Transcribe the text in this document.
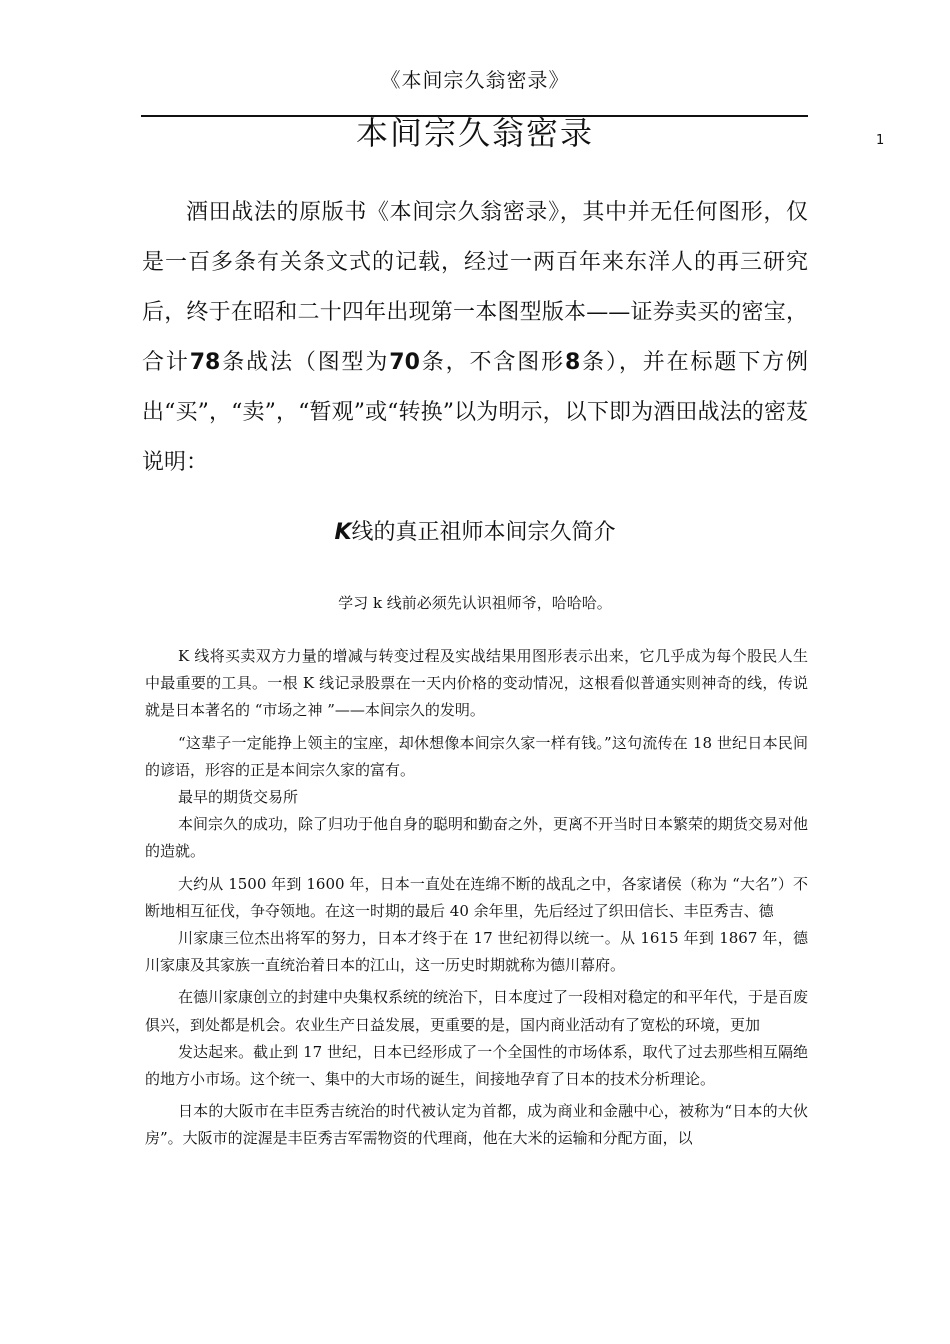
《本间宗久翁密录》
本间宗久翁密录	1

酒田战法的原版书《本间宗久翁密录》，其中并无任何图形，仅是一百多条有关条文式的记载，经过一两百年来东洋人的再三研究后，终于在昭和二十四年出现第一本图型版本——证券卖买的密宝，合计78条战法（图型为70条，不含图形8条），并在标题下方例出“买”，“卖”，“暂观”或“转换”以为明示，以下即为酒田战法的密芨说明：

K线的真正祖师本间宗久简介
学习 k 线前必须先认识祖师爷，哈哈哈。

K 线将买卖双方力量的增减与转变过程及实战结果用图形表示出来，它几乎成为每个股民人生中最重要的工具。一根 K 线记录股票在一天内价格的变动情况，这根看似普通实则神奇的线，传说就是日本著名的 “市场之神 ”——本间宗久的发明。

“这辈子一定能挣上领主的宝座，却休想像本间宗久家一样有钱。”这句流传在 18 世纪日本民间的谚语，形容的正是本间宗久家的富有。

最早的期货交易所

本间宗久的成功，除了归功于他自身的聪明和勤奋之外，更离不开当时日本繁荣的期货交易对他的造就。

大约从 1500 年到 1600 年，日本一直处在连绵不断的战乱之中，各家诸侯（称为 “大名”）不断地相互征伐，争夺领地。在这一时期的最后 40 余年里，先后经过了织田信长、丰臣秀吉、德

川家康三位杰出将军的努力，日本才终于在 17 世纪初得以统一。从 1615 年到 1867 年，德川家康及其家族一直统治着日本的江山，这一历史时期就称为德川幕府。

在德川家康创立的封建中央集权系统的统治下，日本度过了一段相对稳定的和平年代，于是百废俱兴，到处都是机会。农业生产日益发展，更重要的是，国内商业活动有了宽松的环境，更加

发达起来。截止到 17 世纪，日本已经形成了一个全国性的市场体系，取代了过去那些相互隔绝的地方小市场。这个统一、集中的大市场的诞生，间接地孕育了日本的技术分析理论。

日本的大阪市在丰臣秀吉统治的时代被认定为首都，成为商业和金融中心，被称为“日本的大伙房”。大阪市的淀渥是丰臣秀吉军需物资的代理商，他在大米的运输和分配方面，以
